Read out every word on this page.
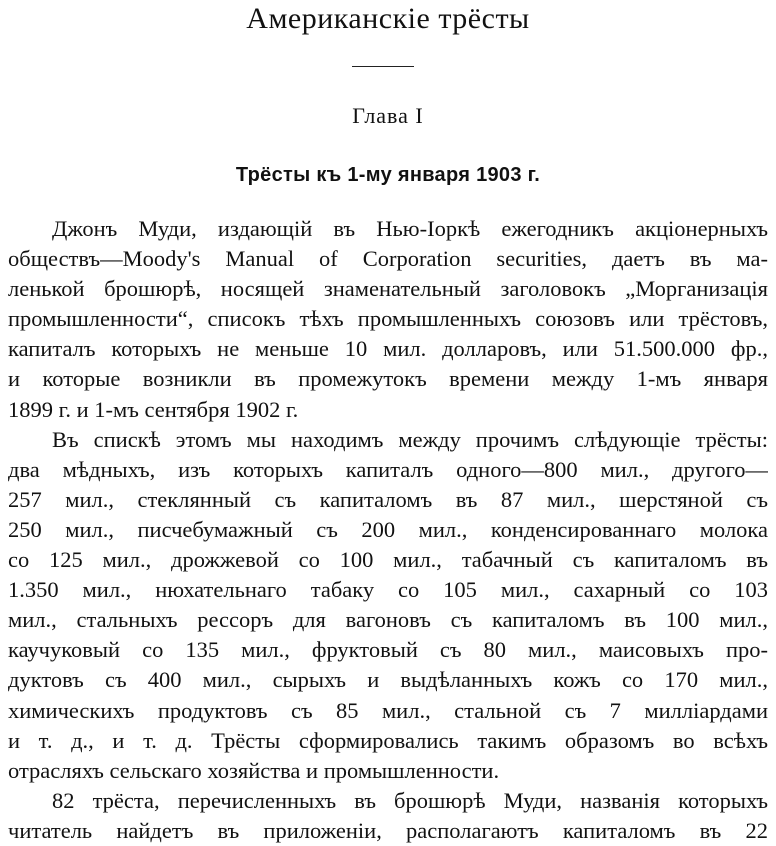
Американскіе трёсты
Глава I
Трёсты къ 1-му января 1903 г.
Джонъ Муди, издающій въ Нью-Іоркѣ ежегодникъ акціонерныхъ
обществъ—Moody's Manual of Corporation securities, даетъ въ ма-
ленькой брошюрѣ, носящей знаменательный заголовокъ „Морганизація
промышленности“, списокъ тѣхъ промышленныхъ союзовъ или трёстовъ,
капиталъ которыхъ не меньше 10 мил. долларовъ, или 51.500.000 фр.,
и которые возникли въ промежутокъ времени между 1-мъ января
1899 г. и 1-мъ сентября 1902 г.
Въ спискѣ этомъ мы находимъ между прочимъ слѣдующіе трёсты:
два мѣдныхъ, изъ которыхъ капиталъ одного—800 мил., другого—
257 мил., стеклянный съ капиталомъ въ 87 мил., шерстяной съ
250 мил., писчебумажный съ 200 мил., конденсированнаго молока
со 125 мил., дрожжевой со 100 мил., табачный съ капиталомъ въ
1.350 мил., нюхательнаго табаку со 105 мил., сахарный со 103
мил., стальныхъ рессоръ для вагоновъ съ капиталомъ въ 100 мил.,
каучуковый со 135 мил., фруктовый съ 80 мил., маисовыхъ про-
дуктовъ съ 400 мил., сырыхъ и выдѣланныхъ кожъ со 170 мил.,
химическихъ продуктовъ съ 85 мил., стальной съ 7 милліардами
и т. д., и т. д. Трёсты сформировались такимъ образомъ во всѣхъ
отрасляхъ сельскаго хозяйства и промышленности.
82 трёста, перечисленныхъ въ брошюрѣ Муди, названія которыхъ
читатель найдетъ въ приложеніи, располагаютъ капиталомъ въ 22
